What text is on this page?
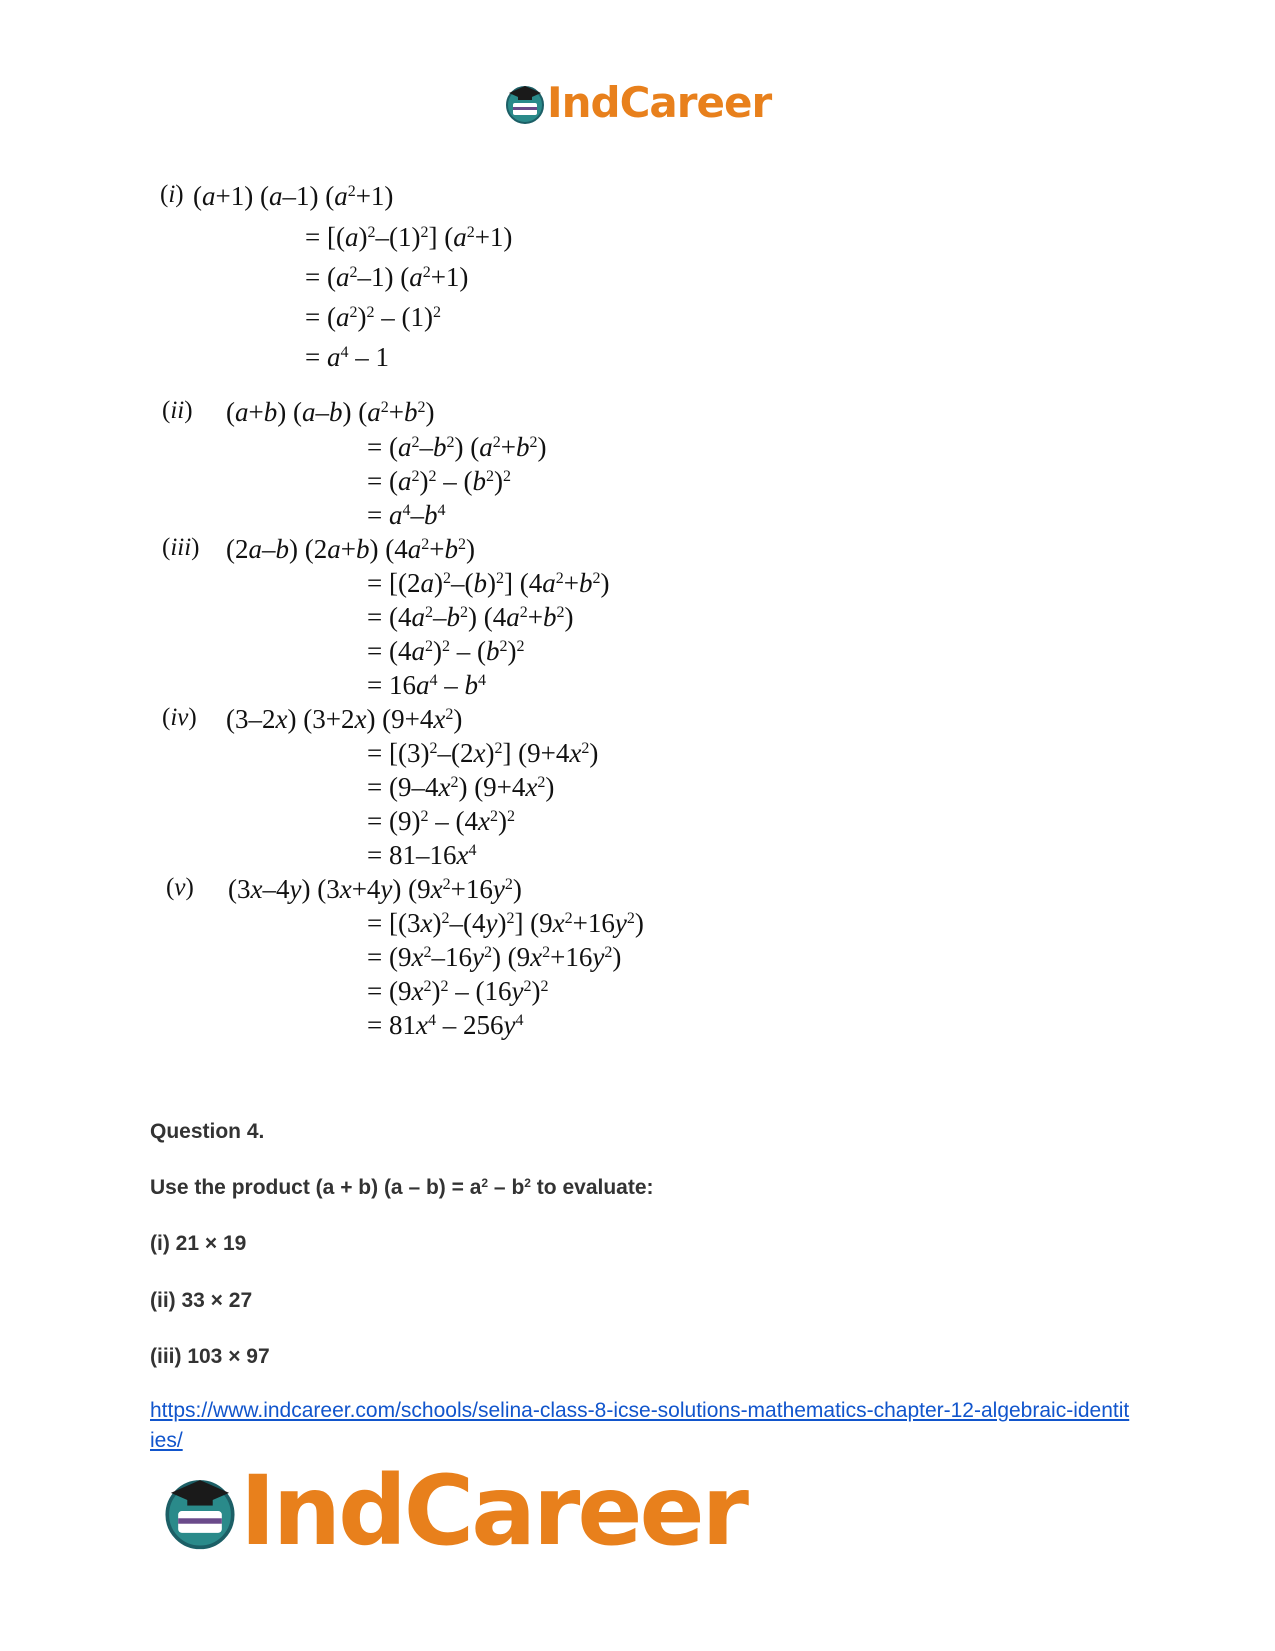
IndCareer
(i) (a+1) (a–1) $(a^2+1)$
= $[(a)^2-(1)^2]$ $(a^2+1)$
= $(a^2-1)$ $(a^2+1)$
= $(a^2)^2 - (1)^2$
= $a^4 - 1$
(ii) (a+b) (a–b) $(a^2+b^2)$
= $(a^2-b^2)$ $(a^2+b^2)$
= $(a^2)^2 - (b^2)^2$
= $a^4-b^4$
(iii) (2a–b) (2a+b) $(4a^2+b^2)$
= $[(2a)^2-(b)^2]$ $(4a^2+b^2)$
= $(4a^2-b^2)$ $(4a^2+b^2)$
= $(4a^2)^2 - (b^2)^2$
= $16a^4 - b^4$
(iv) (3–2x) (3+2x) $(9+4x^2)$
= $[(3)^2-(2x)^2]$ $(9+4x^2)$
= $(9-4x^2)$ $(9+4x^2)$
= $(9)^2 - (4x^2)^2$
= $81-16x^4$
(v) (3x–4y) (3x+4y) $(9x^2+16y^2)$
= $[(3x)^2-(4y)^2]$ $(9x^2+16y^2)$
= $(9x^2-16y^2)$ $(9x^2+16y^2)$
= $(9x^2)^2 - (16y^2)^2$
= $81x^4 - 256y^4$
Question 4.
Use the product (a + b) $(a - b) = a^2 - b^2$ to evaluate:
(i) 21 × 19
(ii) 33 × 27
(iii) 103 × 97
https://www.indcareer.com/schools/selina-class-8-icse-solutions-mathematics-chapter-12-algebraic-identities/
IndCareer
